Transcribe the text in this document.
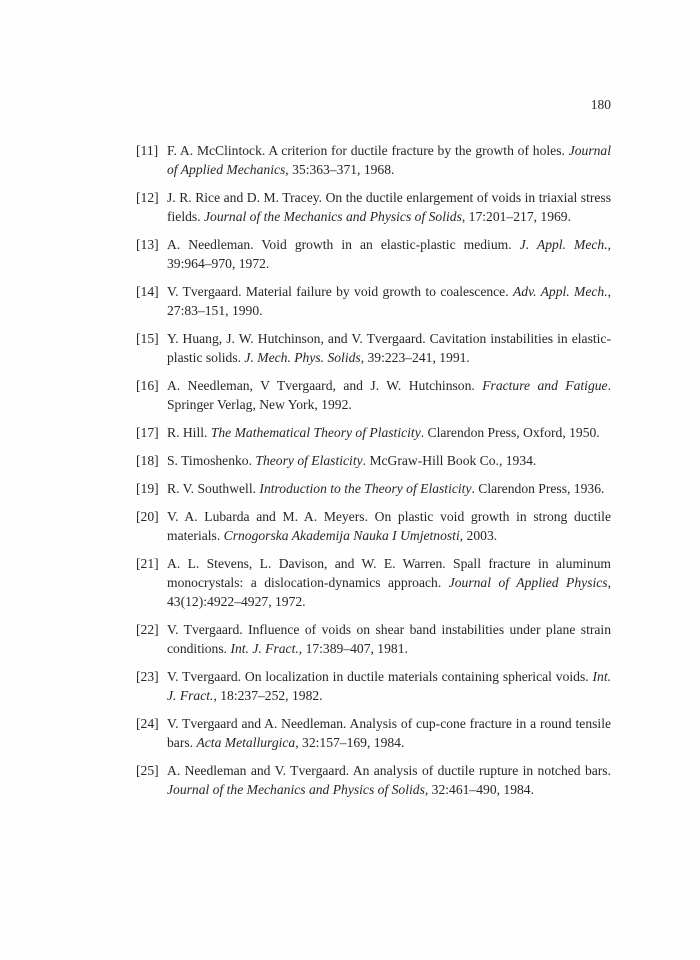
180
[11] F. A. McClintock. A criterion for ductile fracture by the growth of holes. Journal of Applied Mechanics, 35:363–371, 1968.
[12] J. R. Rice and D. M. Tracey. On the ductile enlargement of voids in triaxial stress fields. Journal of the Mechanics and Physics of Solids, 17:201–217, 1969.
[13] A. Needleman. Void growth in an elastic-plastic medium. J. Appl. Mech., 39:964–970, 1972.
[14] V. Tvergaard. Material failure by void growth to coalescence. Adv. Appl. Mech., 27:83–151, 1990.
[15] Y. Huang, J. W. Hutchinson, and V. Tvergaard. Cavitation instabilities in elastic-plastic solids. J. Mech. Phys. Solids, 39:223–241, 1991.
[16] A. Needleman, V Tvergaard, and J. W. Hutchinson. Fracture and Fatigue. Springer Verlag, New York, 1992.
[17] R. Hill. The Mathematical Theory of Plasticity. Clarendon Press, Oxford, 1950.
[18] S. Timoshenko. Theory of Elasticity. McGraw-Hill Book Co., 1934.
[19] R. V. Southwell. Introduction to the Theory of Elasticity. Clarendon Press, 1936.
[20] V. A. Lubarda and M. A. Meyers. On plastic void growth in strong ductile materials. Crnogorska Akademija Nauka I Umjetnosti, 2003.
[21] A. L. Stevens, L. Davison, and W. E. Warren. Spall fracture in aluminum monocrystals: a dislocation-dynamics approach. Journal of Applied Physics, 43(12):4922–4927, 1972.
[22] V. Tvergaard. Influence of voids on shear band instabilities under plane strain conditions. Int. J. Fract., 17:389–407, 1981.
[23] V. Tvergaard. On localization in ductile materials containing spherical voids. Int. J. Fract., 18:237–252, 1982.
[24] V. Tvergaard and A. Needleman. Analysis of cup-cone fracture in a round tensile bars. Acta Metallurgica, 32:157–169, 1984.
[25] A. Needleman and V. Tvergaard. An analysis of ductile rupture in notched bars. Journal of the Mechanics and Physics of Solids, 32:461–490, 1984.
